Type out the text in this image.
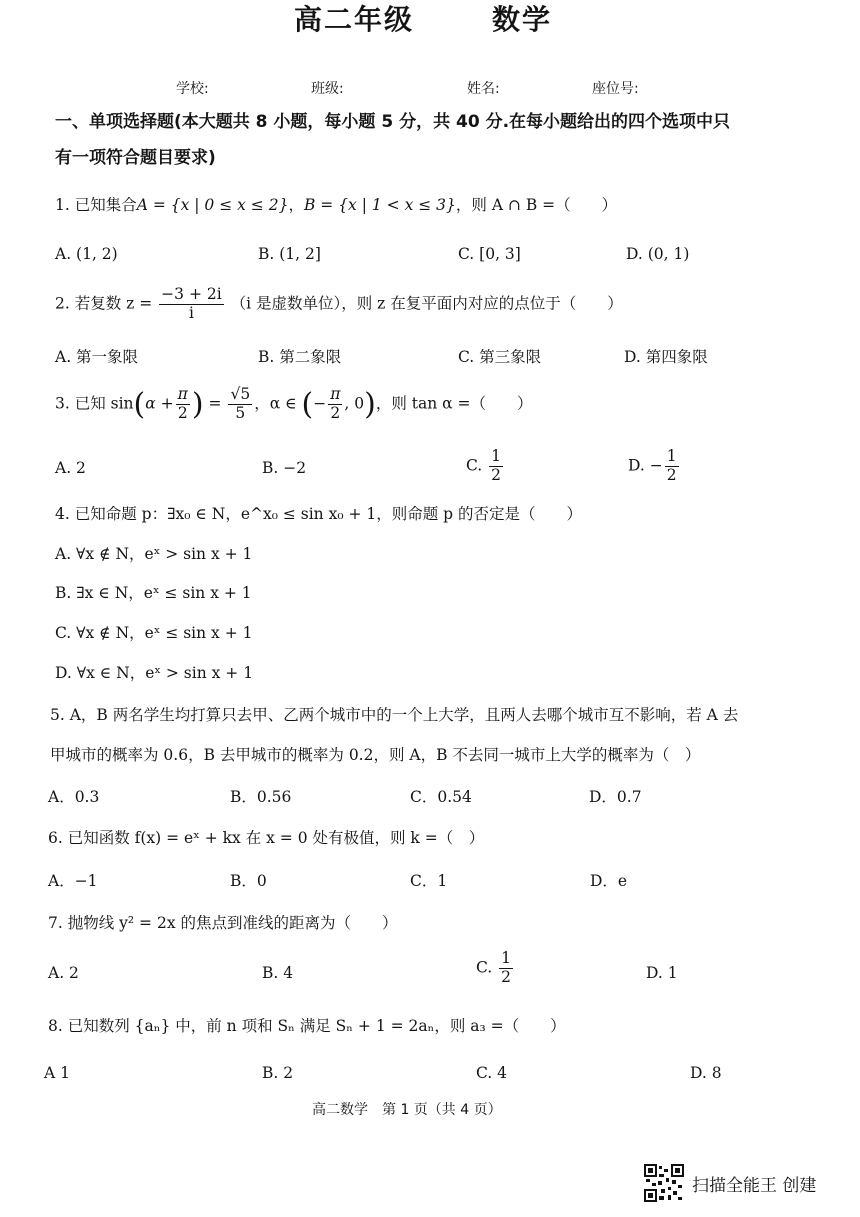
高二年级	数学
学校:	班级:	姓名:	座位号:
一、单项选择题(本大题共 8 小题，每小题 5 分，共 40 分.在每小题给出的四个选项中只
有一项符合题目要求)
1. 已知集合A = {x | 0 ≤ x ≤ 2}，B = {x | 1 < x ≤ 3}，则 A ∩ B =（　　）
A. (1, 2)	B. (1, 2]	C. [0, 3]	D. (0, 1)
2. 若复数 $z = \frac{-3 + 2i}{i} (i$ 是虚数单位），则 z 在复平面内对应的点位于（　　）
A. 第一象限	B. 第二象限	C. 第三象限	D. 第四象限
3. 已知 $\sin(\alpha + \frac{\pi}{2}$ ) = $\frac{√5}{5}$ ，α ∈ (− $\frac{\pi}{2}$ , 0)，则 tan α =（　　）
A. 2	B. −2	C. $\frac{1}{2}$	D. − $\frac{1}{2}$
4. 已知命题 p：∃x₀ ∈ N，e^x₀ ≤ sin x₀ + 1，则命题 p 的否定是（　　）
A. ∀x ∉ N，eˣ > sin x + 1
B. ∃x ∈ N，eˣ ≤ sin x + 1
C. ∀x ∉ N，eˣ ≤ sin x + 1
D. ∀x ∈ N，eˣ > sin x + 1
5. A，B 两名学生均打算只去甲、乙两个城市中的一个上大学，且两人去哪个城市互不影响，若 A 去
甲城市的概率为 0.6，B 去甲城市的概率为 0.2，则 A，B 不去同一城市上大学的概率为（　）
A．0.3	B．0.56	C．0.54	D．0.7
6. 已知函数 f(x) = eˣ + kx 在 x = 0 处有极值，则 k =（　）
A．−1	B．0	C．1	D．e
7. 抛物线 y² = 2x 的焦点到准线的距离为（　　）
A. 2	B. 4	C. $\frac{1}{2}$	D. 1
8. 已知数列 {aₙ} 中，前 n 项和 Sₙ 满足 Sₙ + 1 = 2aₙ，则 a₃ =（　　）
A 1	B. 2	C. 4	D. 8
高二数学　第 1 页（共 4 页）
扫描全能王 创建
